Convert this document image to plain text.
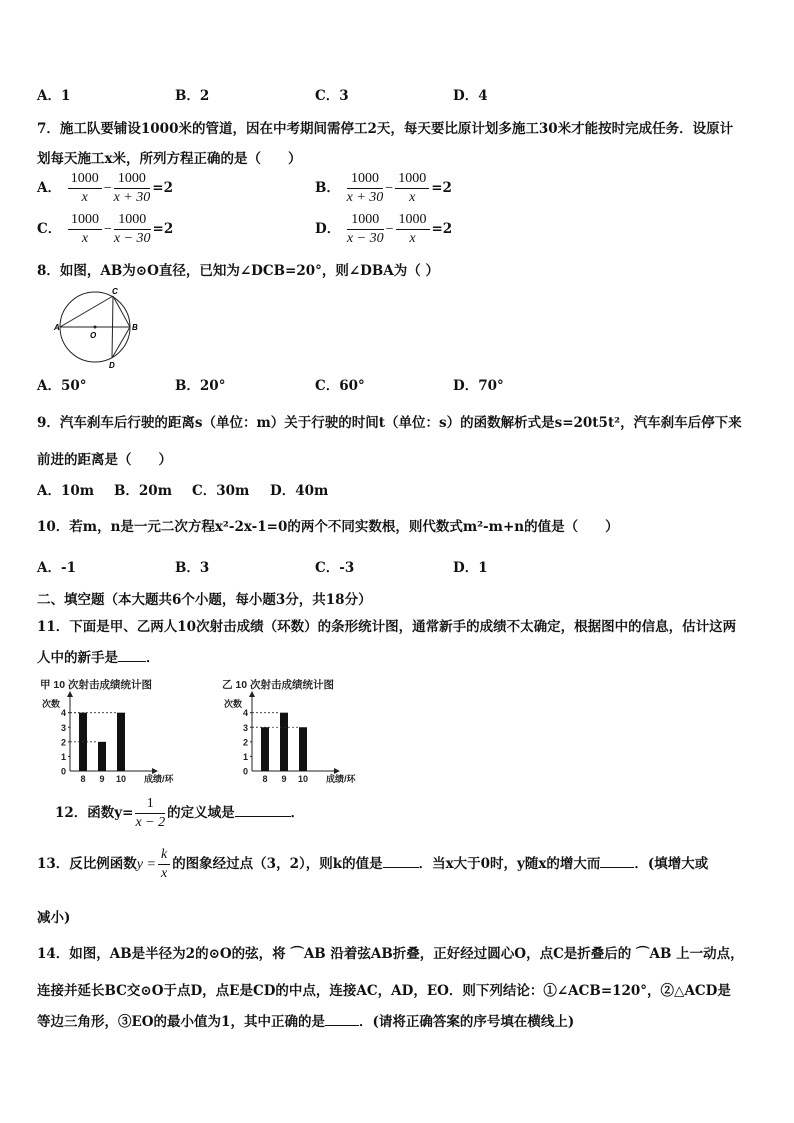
A．1	B．2	C．3	D．4
7．施工队要铺设1000米的管道，因在中考期间需停工2天，每天要比原计划多施工30米才能按时完成任务．设原计
划每天施工x米，所列方程正确的是（　　）
A． $\frac{1000}{x} - \frac{1000}{x + 30} =2$	B． $\frac{1000}{x + 30} - \frac{1000}{x} =2$
C． $\frac{1000}{x} - \frac{1000}{x - 30} =2$	D． $\frac{1000}{x - 30} - \frac{1000}{x} =2$
8．如图，AB为⊙O直径，已知为∠DCB=20°，则∠DBA为（ ）
A	B
C
D
O
A．50°	B．20°	C．60°	D．70°
9．汽车刹车后行驶的距离s（单位：m）关于行驶的时间t（单位：s）的函数解析式是s=20t5t²，汽车刹车后停下来
前进的距离是（　　）
A．10m B．20m C．30m D．40m
10．若m，n是一元二次方程x²-2x-1=0的两个不同实数根，则代数式m²-m+n的值是（　　）
A．-1	B．3	C．-3	D．1
二、填空题（本大题共6个小题，每小题3分，共18分）
11．下面是甲、乙两人10次射击成绩（环数）的条形统计图，通常新手的成绩不太确定，根据图中的信息，估计这两
人中的新手是 ．
甲 10 次射击成绩统计图
次数
0
1
2
3
4
8 9 10 成绩/环
乙 10 次射击成绩统计图
次数
0
1
2
3
4
8 9 10 成绩/环
12．函数$y= \frac{1}{x - 2}$ 的定义域是	．
13．反比例函数$y = \frac{k}{x}$ 的图象经过点（3，2），则k的值是	．当x大于0时，y随x的增大而	．(填增大或
减小)
14．如图，AB是半径为2的⊙O的弦，将 ⌒AB 沿着弦AB折叠，正好经过圆心O，点C是折叠后的 ⌒AB 上一动点，
连接并延长BC交⊙O于点D，点E是CD的中点，连接AC，AD，EO．则下列结论：①∠ACB=120°，②△ACD是
等边三角形，③EO的最小值为1，其中正确的是	．(请将正确答案的序号填在横线上)
